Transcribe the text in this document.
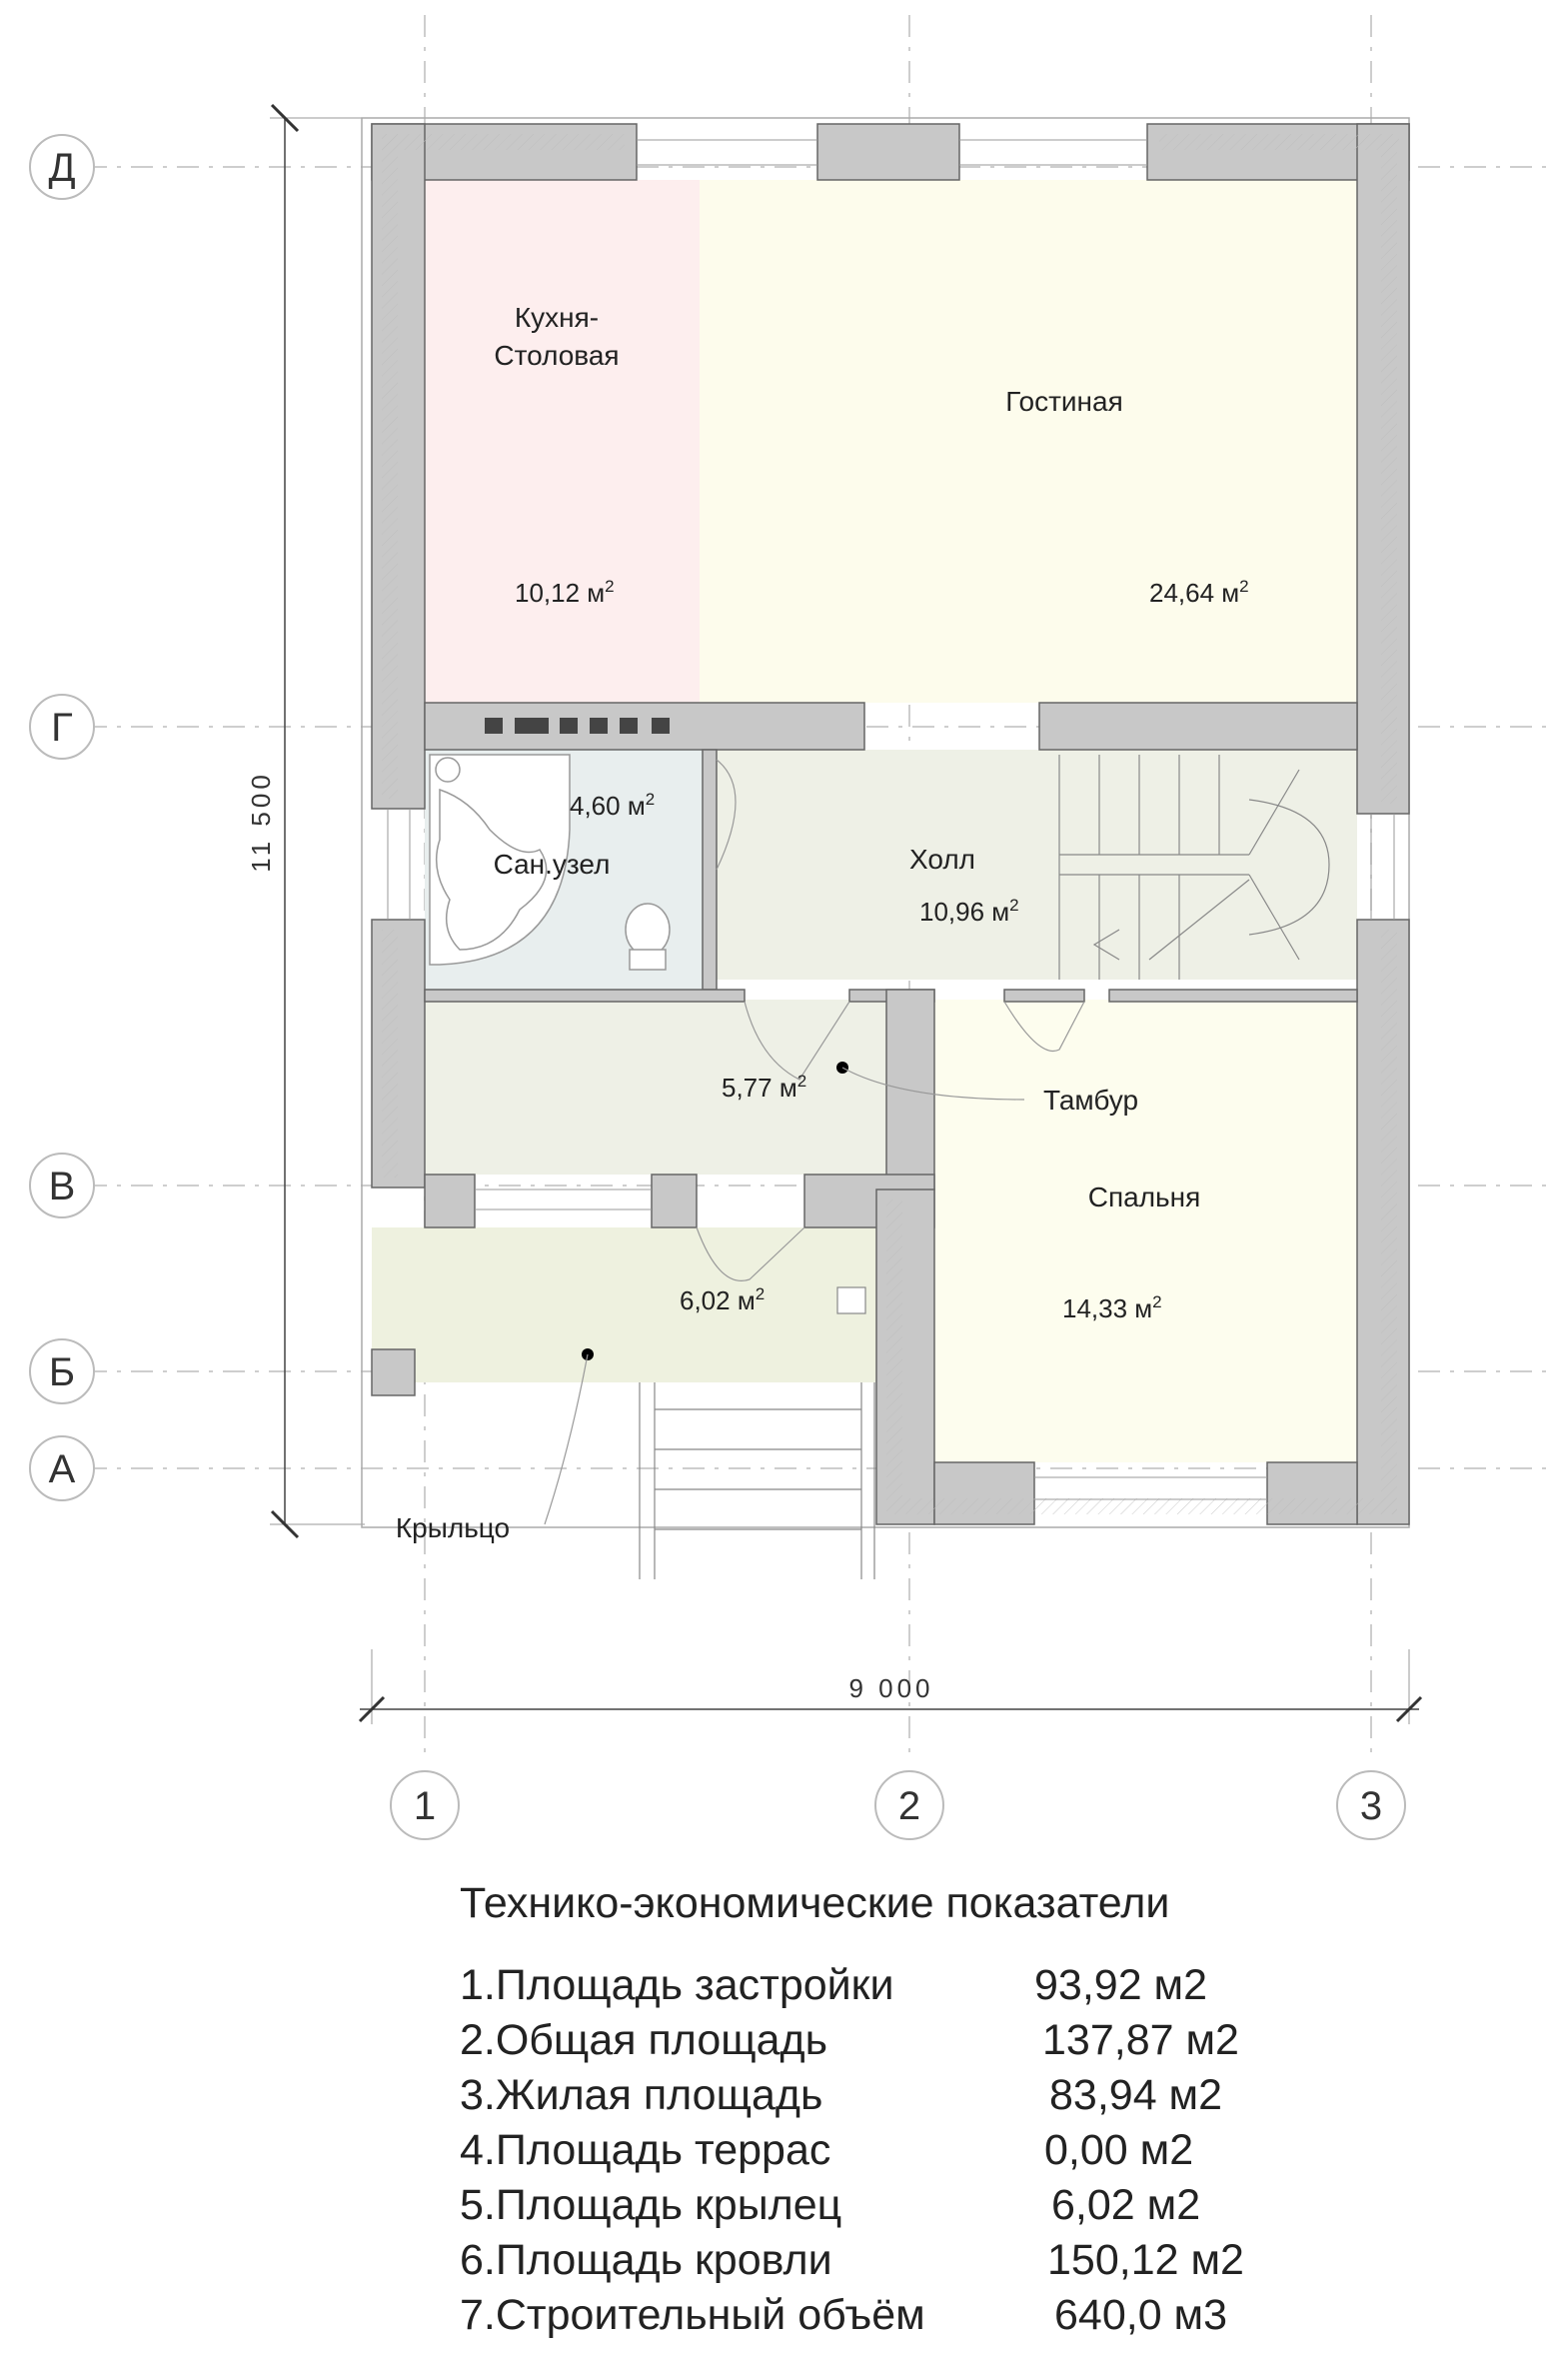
Д
Г
В
Б
А
1	2	3
11 500
9 000
Кухня-
Столовая
10,12 $м^2$
Гостиная
24,64 $м^2$
4,60 $м^2$
Сан.узел	Холл
10,96 $м^2$
5,77 $м^2$
Тамбур
6,02 $м^2$
Крыльцо
Спальня
14,33 $м^2$
Технико-экономические показатели
1.Площадь застройки	93,92 м2
2.Общая площадь	137,87 м2
3.Жилая площадь	83,94 м2
4.Площадь террас	0,00 м2
5.Площадь крылец	6,02 м2
6.Площадь кровли	150,12 м2
7.Строительный объём	640,0 м3
